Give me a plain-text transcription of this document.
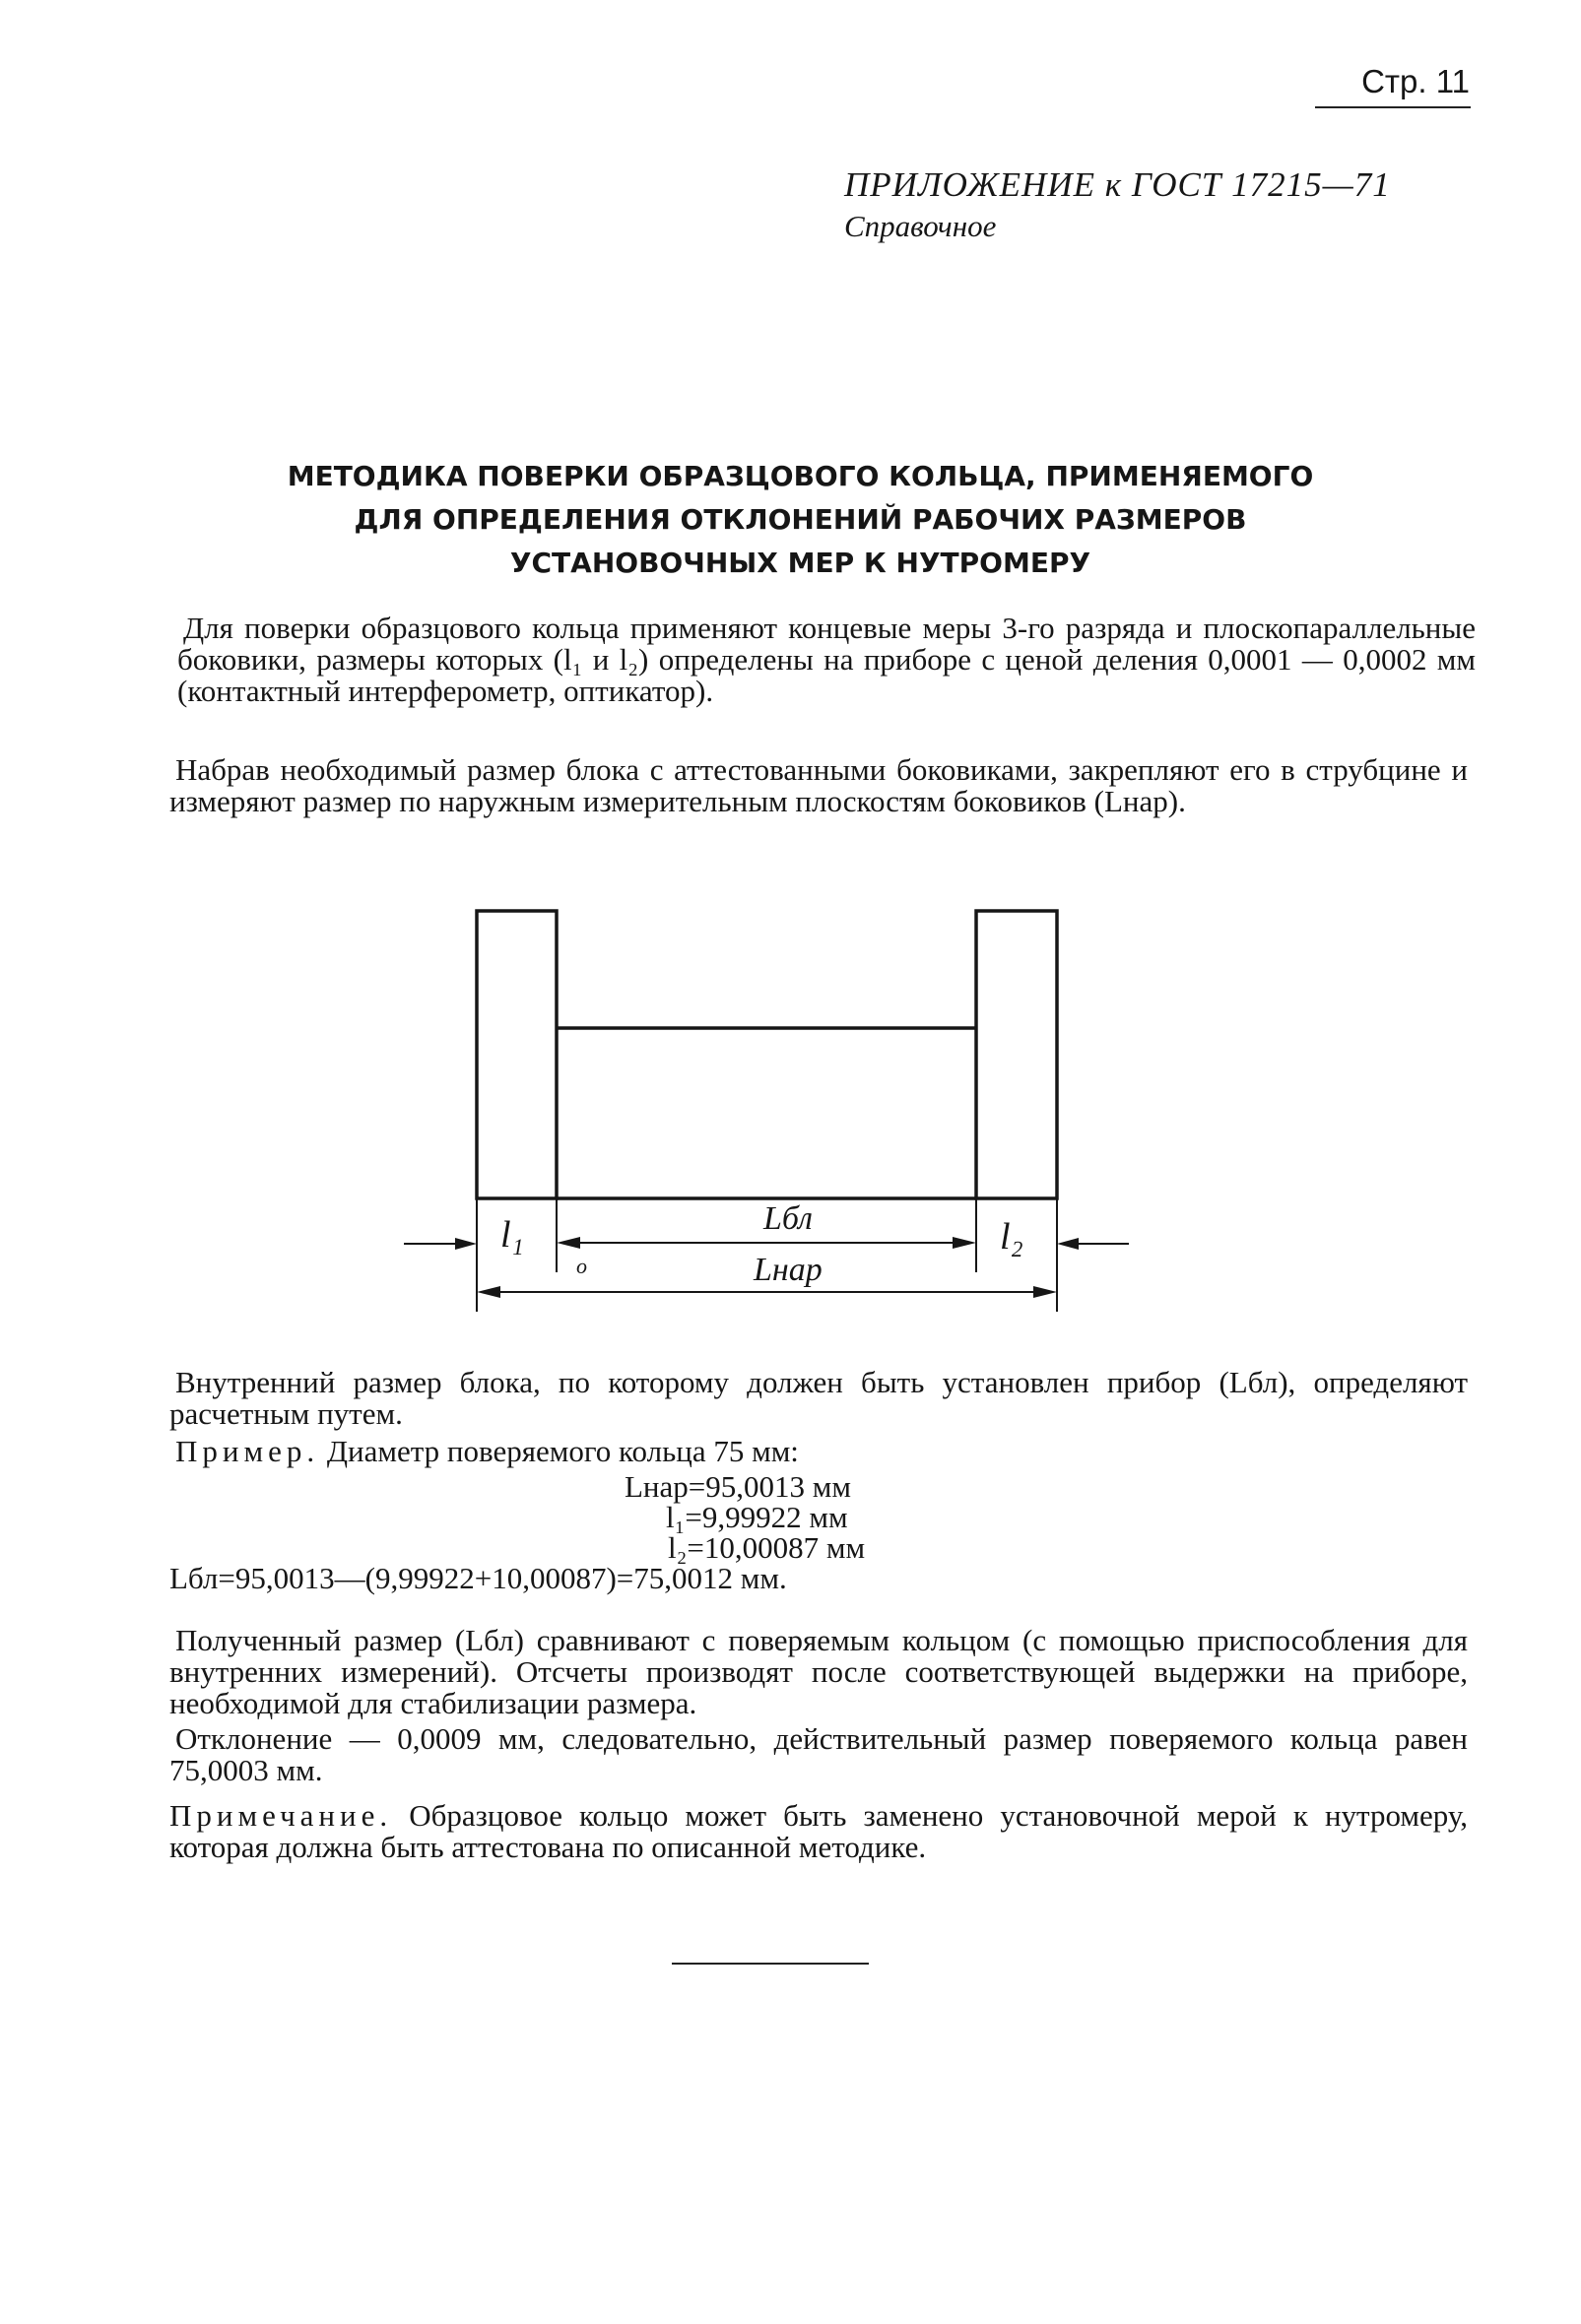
Стр. 11
ПРИЛОЖЕНИЕ к ГОСТ 17215—71
Справочное
МЕТОДИКА ПОВЕРКИ ОБРАЗЦОВОГО КОЛЬЦА, ПРИМЕНЯЕМОГО
ДЛЯ ОПРЕДЕЛЕНИЯ ОТКЛОНЕНИЙ РАБОЧИХ РАЗМЕРОВ
УСТАНОВОЧНЫХ МЕР К НУТРОМЕРУ

Для поверки образцового кольца применяют концевые меры 3-го разряда и плоскопараллельные боковики, размеры которых (l₁ и l₂) определены на приборе с ценой деления 0,0001 — 0,0002 мм (контактный интерферометр, оптикатор).

Набрав необходимый размер блока с аттестованными боковиками, закрепляют его в струбцине и измеряют размер по наружным измерительным плоскостям боковиков (Lнар).

l₁	l₂
Lбл
Lнар
о

Внутренний размер блока, по которому должен быть установлен прибор (Lбл), определяют расчетным путем.

Пример. Диаметр поверяемого кольца 75 мм:

Lнар=95,0013 мм
l₁=9,99922 мм
l₂=10,00087 мм
Lбл=95,0013—(9,99922+10,00087)=75,0012 мм.

Полученный размер (Lбл) сравнивают с поверяемым кольцом (с помощью приспособления для внутренних измерений). Отсчеты производят после соответствующей выдержки на приборе, необходимой для стабилизации размера.

Отклонение — 0,0009 мм, следовательно, действительный размер поверяемого кольца равен 75,0003 мм.

Примечание. Образцовое кольцо может быть заменено установочной мерой к нутромеру, которая должна быть аттестована по описанной методике.
